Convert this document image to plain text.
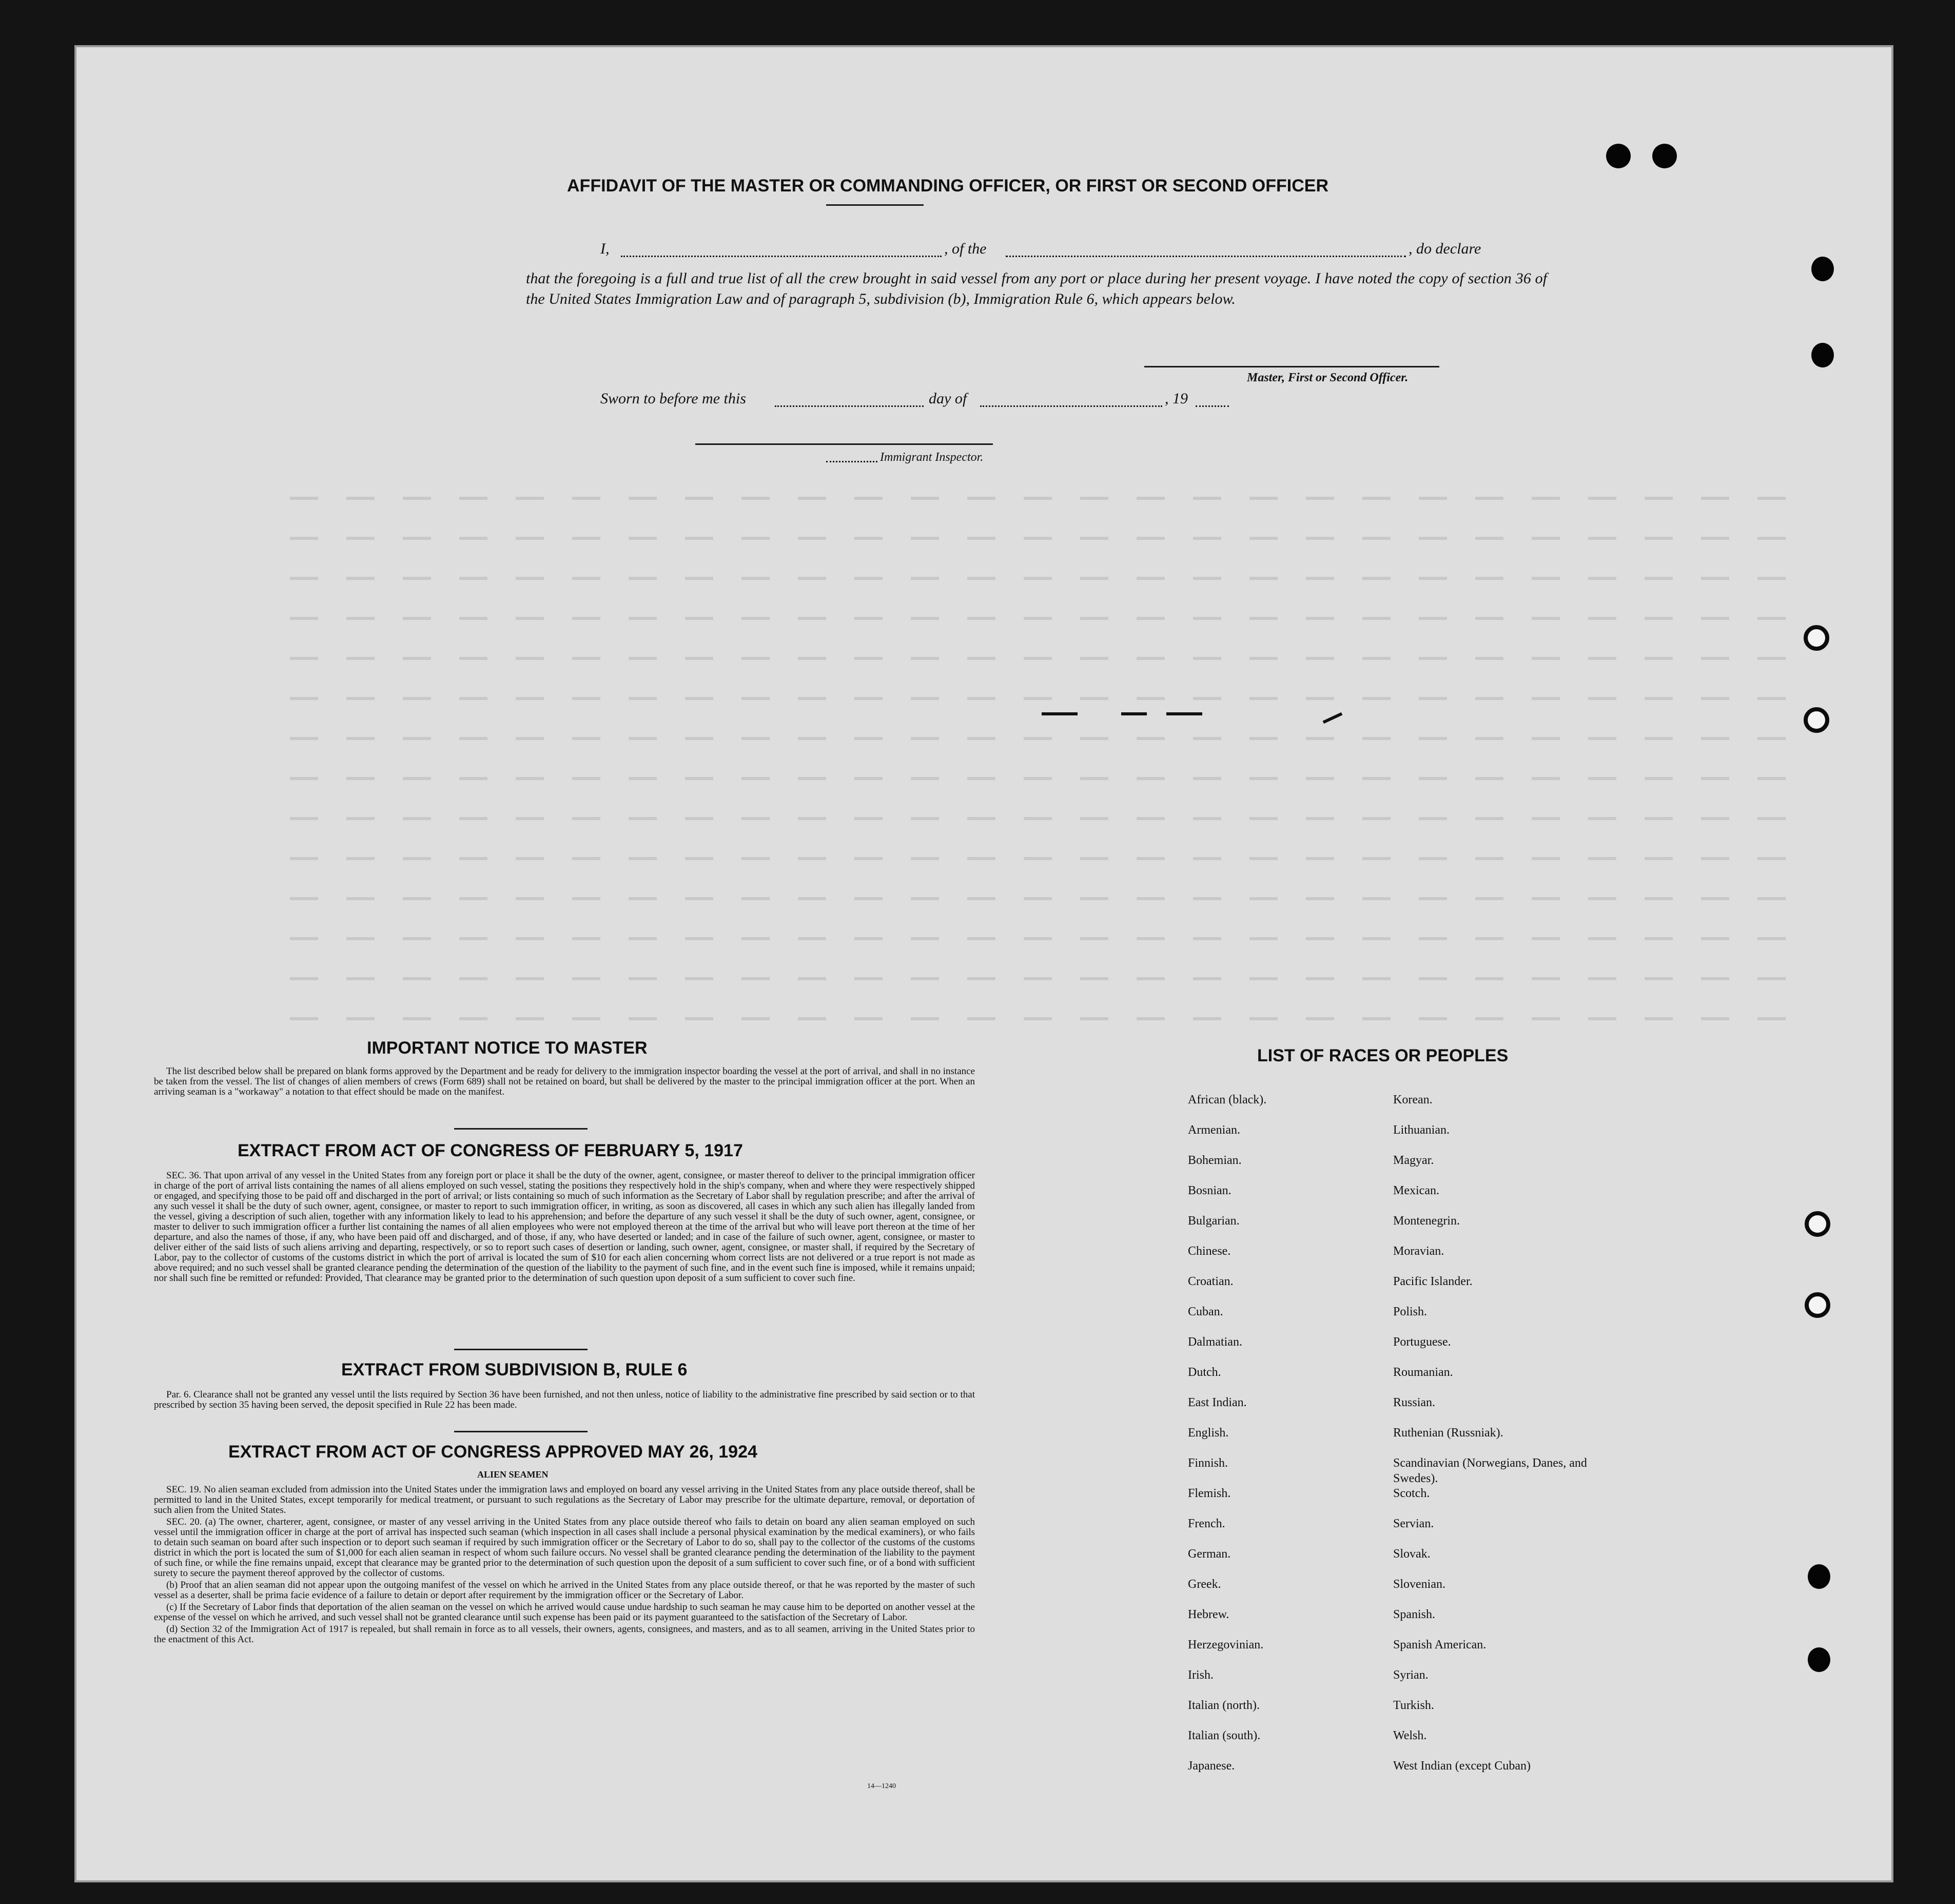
AFFIDAVIT OF THE MASTER OR COMMANDING OFFICER, OR FIRST OR SECOND OFFICER
I,	, of the	, do declare
that the foregoing is a full and true list of all the crew brought in said vessel from any port or place during her present voyage. I have noted the copy of section 36 of the United States Immigration Law and of paragraph 5, subdivision (b), Immigration Rule 6, which appears below.
Master, First or Second Officer.
Sworn to before me this	day of	, 19
Immigrant Inspector.
IMPORTANT NOTICE TO MASTER

The list described below shall be prepared on blank forms approved by the Department and be ready for delivery to the immigration inspector boarding the vessel at the port of arrival, and shall in no instance be taken from the vessel. The list of changes of alien members of crews (Form 689) shall not be retained on board, but shall be delivered by the master to the principal immigration officer at the port. When an arriving seaman is a "workaway" a notation to that effect should be made on the manifest.

EXTRACT FROM ACT OF CONGRESS OF FEBRUARY 5, 1917

SEC. 36. That upon arrival of any vessel in the United States from any foreign port or place it shall be the duty of the owner, agent, consignee, or master thereof to deliver to the principal immigration officer in charge of the port of arrival lists containing the names of all aliens employed on such vessel, stating the positions they respectively hold in the ship's company, when and where they were respectively shipped or engaged, and specifying those to be paid off and discharged in the port of arrival; or lists containing so much of such information as the Secretary of Labor shall by regulation prescribe; and after the arrival of any such vessel it shall be the duty of such owner, agent, consignee, or master to report to such immigration officer, in writing, as soon as discovered, all cases in which any such alien has illegally landed from the vessel, giving a description of such alien, together with any information likely to lead to his apprehension; and before the departure of any such vessel it shall be the duty of such owner, agent, consignee, or master to deliver to such immigration officer a further list containing the names of all alien employees who were not employed thereon at the time of the arrival but who will leave port thereon at the time of her departure, and also the names of those, if any, who have been paid off and discharged, and of those, if any, who have deserted or landed; and in case of the failure of such owner, agent, consignee, or master to deliver either of the said lists of such aliens arriving and departing, respectively, or so to report such cases of desertion or landing, such owner, agent, consignee, or master shall, if required by the Secretary of Labor, pay to the collector of customs of the customs district in which the port of arrival is located the sum of $10 for each alien concerning whom correct lists are not delivered or a true report is not made as above required; and no such vessel shall be granted clearance pending the determination of the question of the liability to the payment of such fine, and in the event such fine is imposed, while it remains unpaid; nor shall such fine be remitted or refunded: Provided, That clearance may be granted prior to the determination of such question upon deposit of a sum sufficient to cover such fine.

EXTRACT FROM SUBDIVISION B, RULE 6

Par. 6. Clearance shall not be granted any vessel until the lists required by Section 36 have been furnished, and not then unless, notice of liability to the administrative fine prescribed by said section or to that prescribed by section 35 having been served, the deposit specified in Rule 22 has been made.

EXTRACT FROM ACT OF CONGRESS APPROVED MAY 26, 1924
ALIEN SEAMEN

SEC. 19. No alien seaman excluded from admission into the United States under the immigration laws and employed on board any vessel arriving in the United States from any place outside thereof, shall be permitted to land in the United States, except temporarily for medical treatment, or pursuant to such regulations as the Secretary of Labor may prescribe for the ultimate departure, removal, or deportation of such alien from the United States.

SEC. 20. (a) The owner, charterer, agent, consignee, or master of any vessel arriving in the United States from any place outside thereof who fails to detain on board any alien seaman employed on such vessel until the immigration officer in charge at the port of arrival has inspected such seaman (which inspection in all cases shall include a personal physical examination by the medical examiners), or who fails to detain such seaman on board after such inspection or to deport such seaman if required by such immigration officer or the Secretary of Labor to do so, shall pay to the collector of the customs of the customs district in which the port is located the sum of $1,000 for each alien seaman in respect of whom such failure occurs. No vessel shall be granted clearance pending the determination of the liability to the payment of such fine, or while the fine remains unpaid, except that clearance may be granted prior to the determination of such question upon the deposit of a sum sufficient to cover such fine, or of a bond with sufficient surety to secure the payment thereof approved by the collector of customs.

(b) Proof that an alien seaman did not appear upon the outgoing manifest of the vessel on which he arrived in the United States from any place outside thereof, or that he was reported by the master of such vessel as a deserter, shall be prima facie evidence of a failure to detain or deport after requirement by the immigration officer or the Secretary of Labor.

(c) If the Secretary of Labor finds that deportation of the alien seaman on the vessel on which he arrived would cause undue hardship to such seaman he may cause him to be deported on another vessel at the expense of the vessel on which he arrived, and such vessel shall not be granted clearance until such expense has been paid or its payment guaranteed to the satisfaction of the Secretary of Labor.

(d) Section 32 of the Immigration Act of 1917 is repealed, but shall remain in force as to all vessels, their owners, agents, consignees, and masters, and as to all seamen, arriving in the United States prior to the enactment of this Act.

14—1240
LIST OF RACES OR PEOPLES
African (black).
Armenian.
Bohemian.
Bosnian.
Bulgarian.
Chinese.
Croatian.
Cuban.
Dalmatian.
Dutch.
East Indian.
English.
Finnish.
Flemish.
French.
German.
Greek.
Hebrew.
Herzegovinian.
Irish.
Italian (north).
Italian (south).
Japanese.
Korean.
Lithuanian.
Magyar.
Mexican.
Montenegrin.
Moravian.
Pacific Islander.
Polish.
Portuguese.
Roumanian.
Russian.
Ruthenian (Russniak).
Scandinavian (Norwegians, Danes, and Swedes).
Scotch.
Servian.
Slovak.
Slovenian.
Spanish.
Spanish American.
Syrian.
Turkish.
Welsh.
West Indian (except Cuban)
